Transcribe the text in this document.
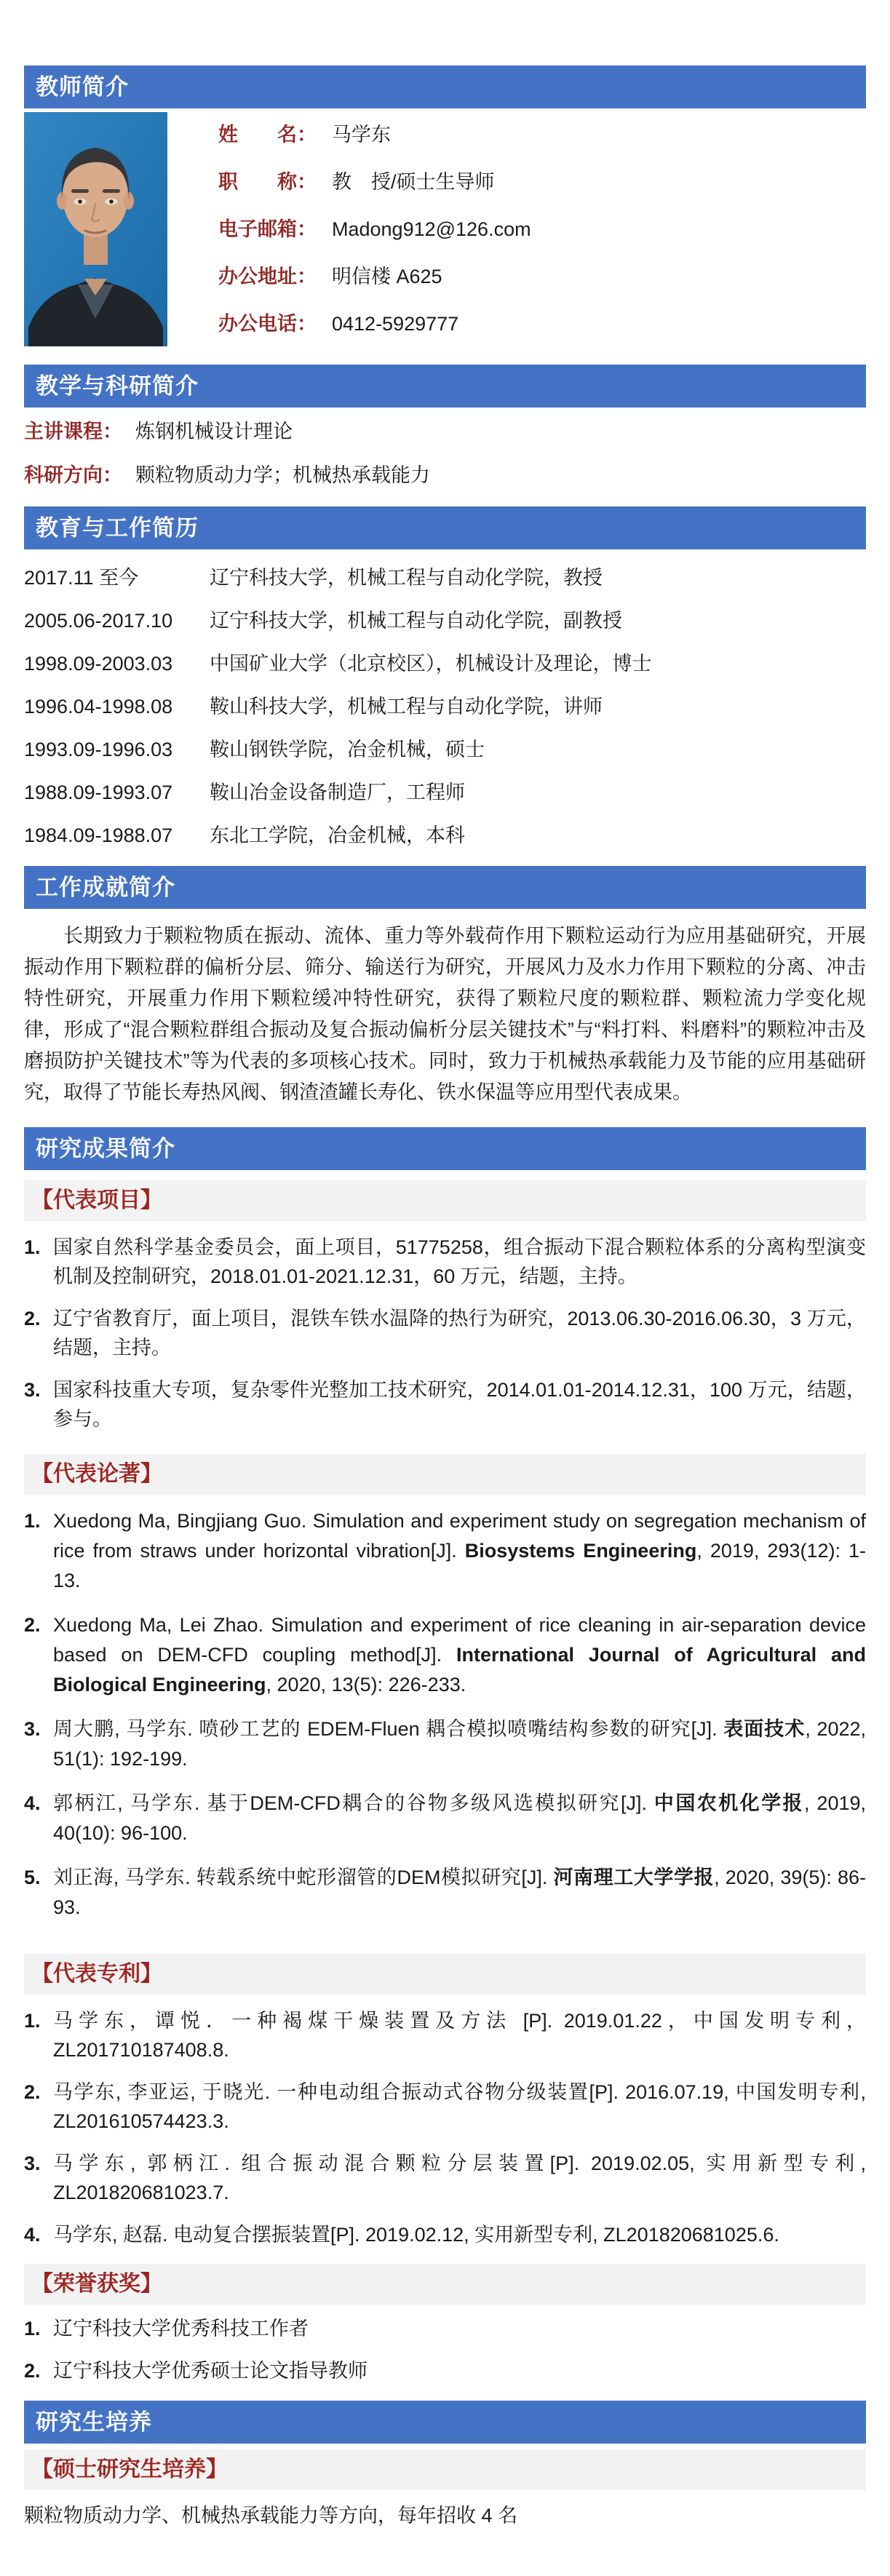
教师简介
姓　　名： 马学东
职　　称： 教　授/硕士生导师
电子邮箱： Madong912@126.com
办公地址： 明信楼 A625
办公电话： 0412-5929777
教学与科研简介
主讲课程： 炼钢机械设计理论
科研方向： 颗粒物质动力学；机械热承载能力
教育与工作简历
2017.11 至今	辽宁科技大学，机械工程与自动化学院，教授
2005.06-2017.10	辽宁科技大学，机械工程与自动化学院，副教授
1998.09-2003.03	中国矿业大学（北京校区），机械设计及理论，博士
1996.04-1998.08	鞍山科技大学，机械工程与自动化学院，讲师
1993.09-1996.03	鞍山钢铁学院，冶金机械，硕士
1988.09-1993.07	鞍山冶金设备制造厂，工程师
1984.09-1988.07	东北工学院，冶金机械，本科
工作成就简介

长期致力于颗粒物质在振动、流体、重力等外载荷作用下颗粒运动行为应用基础研究，开展振动作用下颗粒群的偏析分层、筛分、输送行为研究，开展风力及水力作用下颗粒的分离、冲击特性研究，开展重力作用下颗粒缓冲特性研究，获得了颗粒尺度的颗粒群、颗粒流力学变化规律，形成了“混合颗粒群组合振动及复合振动偏析分层关键技术”与“料打料、料磨料”的颗粒冲击及磨损防护关键技术”等为代表的多项核心技术。同时，致力于机械热承载能力及节能的应用基础研究，取得了节能长寿热风阀、钢渣渣罐长寿化、铁水保温等应用型代表成果。

研究成果简介
【代表项目】
1. 国家自然科学基金委员会，面上项目，51775258，组合振动下混合颗粒体系的分离构型演变机制及控制研究，2018.01.01-2021.12.31，60 万元，结题，主持。
2. 辽宁省教育厅，面上项目，混铁车铁水温降的热行为研究，2013.06.30-2016.06.30，3 万元，结题，主持。
3. 国家科技重大专项，复杂零件光整加工技术研究，2014.01.01-2014.12.31，100 万元，结题，参与。
【代表论著】
1. Xuedong Ma, Bingjiang Guo. Simulation and experiment study on segregation mechanism of rice from straws under horizontal vibration[J]. Biosystems Engineering, 2019, 293(12): 1-13.
2. Xuedong Ma, Lei Zhao. Simulation and experiment of rice cleaning in air-separation device based on DEM-CFD coupling method[J]. International Journal of Agricultural and Biological Engineering, 2020, 13(5): 226-233.
3. 周大鹏, 马学东. 喷砂工艺的 EDEM-Fluen 耦合模拟喷嘴结构参数的研究[J]. 表面技术, 2022, 51(1): 192-199.
4. 郭柄江, 马学东. 基于DEM-CFD耦合的谷物多级风选模拟研究[J]. 中国农机化学报, 2019, 40(10): 96-100.
5. 刘正海, 马学东. 转载系统中蛇形溜管的DEM模拟研究[J]. 河南理工大学学报, 2020, 39(5): 86-93.
【代表专利】
1. 马学东，谭悦．一种褐煤干燥装置及方法 [P]. 2019.01.22，中国发明专利，ZL201710187408.8.
2. 马学东, 李亚运, 于晓光. 一种电动组合振动式谷物分级装置[P]. 2016.07.19, 中国发明专利, ZL201610574423.3.
3. 马学东, 郭柄江. 组合振动混合颗粒分层装置[P]. 2019.02.05, 实用新型专利, ZL201820681023.7.
4. 马学东, 赵磊. 电动复合摆振装置[P]. 2019.02.12, 实用新型专利, ZL201820681025.6.
【荣誉获奖】
1. 辽宁科技大学优秀科技工作者
2. 辽宁科技大学优秀硕士论文指导教师
研究生培养
【硕士研究生培养】

颗粒物质动力学、机械热承载能力等方向，每年招收 4 名
